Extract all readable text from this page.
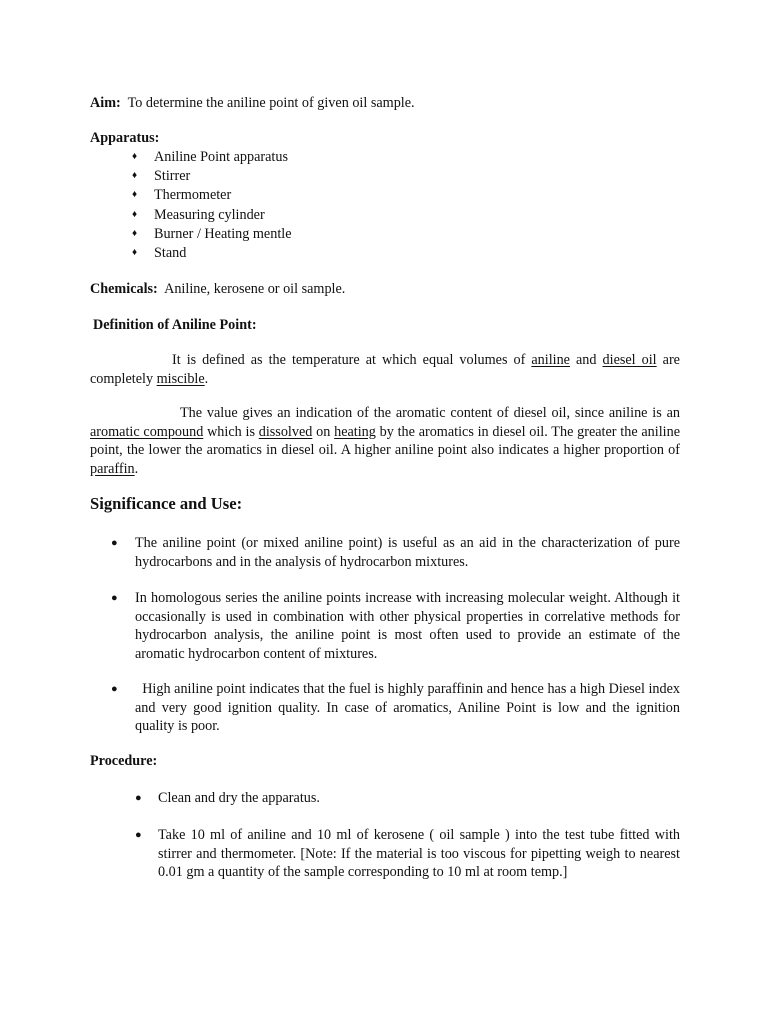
Aim: To determine the aniline point of given oil sample.

Apparatus:

♦ Aniline Point apparatus
♦ Stirrer
♦ Thermometer
♦ Measuring cylinder
♦ Burner / Heating mentle
♦ Stand

Chemicals: Aniline, kerosene or oil sample.

Definition of Aniline Point:

It is defined as the temperature at which equal volumes of aniline and diesel oil are completely miscible.

The value gives an indication of the aromatic content of diesel oil, since aniline is an aromatic compound which is dissolved on heating by the aromatics in diesel oil. The greater the aniline point, the lower the aromatics in diesel oil. A higher aniline point also indicates a higher proportion of paraffin.

Significance and Use:

● The aniline point (or mixed aniline point) is useful as an aid in the characterization of pure hydrocarbons and in the analysis of hydrocarbon mixtures.
● In homologous series the aniline points increase with increasing molecular weight. Although it occasionally is used in combination with other physical properties in correlative methods for hydrocarbon analysis, the aniline point is most often used to provide an estimate of the aromatic hydrocarbon content of mixtures.
● High aniline point indicates that the fuel is highly paraffinin and hence has a high Diesel index and very good ignition quality. In case of aromatics, Aniline Point is low and the ignition quality is poor.

Procedure:

● Clean and dry the apparatus.
● Take 10 ml of aniline and 10 ml of kerosene ( oil sample ) into the test tube fitted with stirrer and thermometer. [Note: If the material is too viscous for pipetting weigh to nearest 0.01 gm a quantity of the sample corresponding to 10 ml at room temp.]
